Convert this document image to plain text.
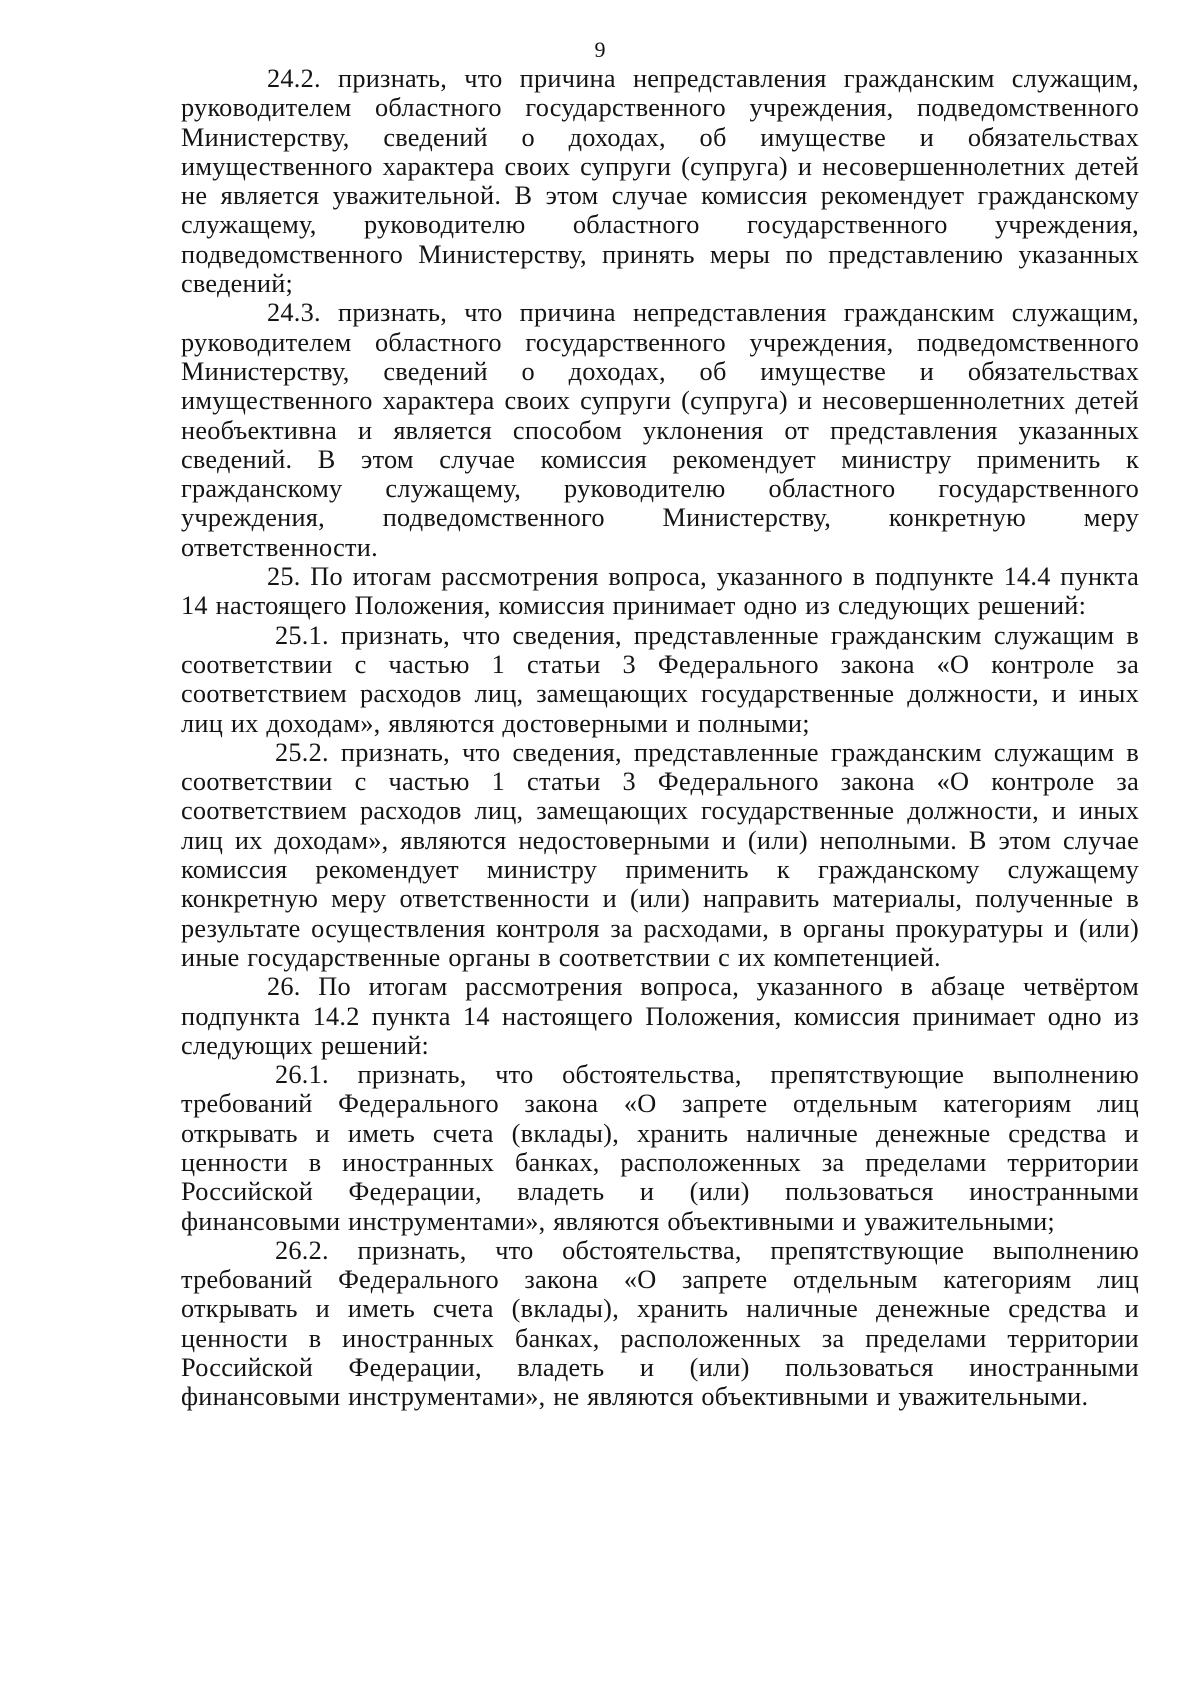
9

24.2. признать, что причина непредставления гражданским служащим, руководителем областного государственного учреждения, подведомственного Министерству, сведений о доходах, об имуществе и обязательствах имущественного характера своих супруги (супруга) и несовершеннолетних детей не является уважительной. В этом случае комиссия рекомендует гражданскому служащему, руководителю областного государственного учреждения, подведомственного Министерству, принять меры по представлению указанных сведений;

24.3. признать, что причина непредставления гражданским служащим, руководителем областного государственного учреждения, подведомственного Министерству, сведений о доходах, об имуществе и обязательствах имущественного характера своих супруги (супруга) и несовершеннолетних детей необъективна и является способом уклонения от представления указанных сведений. В этом случае комиссия рекомендует министру применить к гражданскому служащему, руководителю областного государственного учреждения, подведомственного Министерству, конкретную меру ответственности.

25. По итогам рассмотрения вопроса, указанного в подпункте 14.4 пункта 14 настоящего Положения, комиссия принимает одно из следующих решений:

25.1. признать, что сведения, представленные гражданским служащим в соответствии с частью 1 статьи 3 Федерального закона «О контроле за соответствием расходов лиц, замещающих государственные должности, и иных лиц их доходам», являются достоверными и полными;

25.2. признать, что сведения, представленные гражданским служащим в соответствии с частью 1 статьи 3 Федерального закона «О контроле за соответствием расходов лиц, замещающих государственные должности, и иных лиц их доходам», являются недостоверными и (или) неполными. В этом случае комиссия рекомендует министру применить к гражданскому служащему конкретную меру ответственности и (или) направить материалы, полученные в результате осуществления контроля за расходами, в органы прокуратуры и (или) иные государственные органы в соответствии с их компетенцией.

26. По итогам рассмотрения вопроса, указанного в абзаце четвёртом подпункта 14.2 пункта 14 настоящего Положения, комиссия принимает одно из следующих решений:

26.1. признать, что обстоятельства, препятствующие выполнению требований Федерального закона «О запрете отдельным категориям лиц открывать и иметь счета (вклады), хранить наличные денежные средства и ценности в иностранных банках, расположенных за пределами территории Российской Федерации, владеть и (или) пользоваться иностранными финансовыми инструментами», являются объективными и уважительными;

26.2. признать, что обстоятельства, препятствующие выполнению требований Федерального закона «О запрете отдельным категориям лиц открывать и иметь счета (вклады), хранить наличные денежные средства и ценности в иностранных банках, расположенных за пределами территории Российской Федерации, владеть и (или) пользоваться иностранными финансовыми инструментами», не являются объективными и уважительными.
